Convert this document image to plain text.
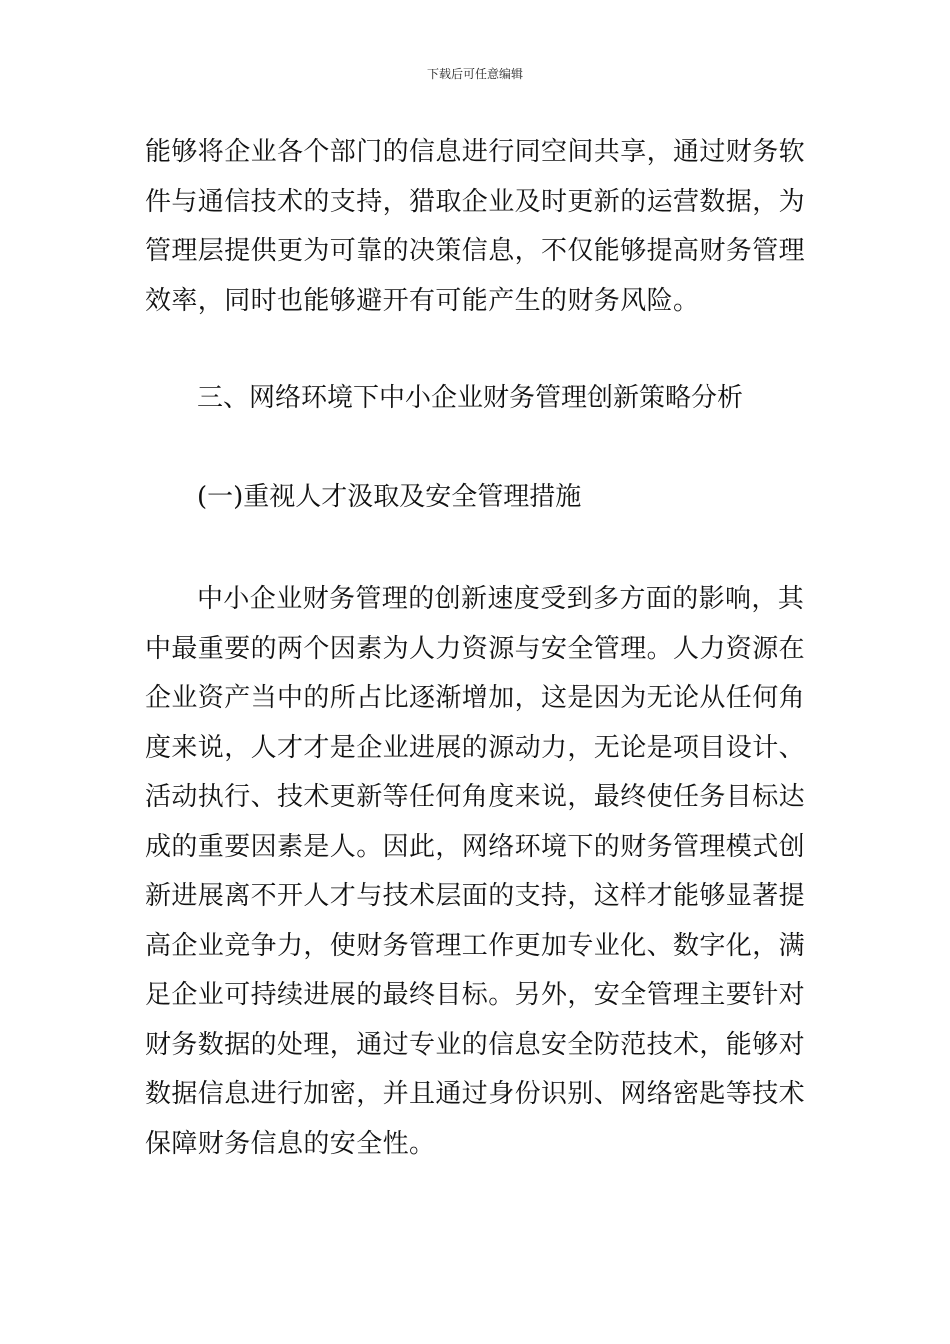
下载后可任意编辑

能够将企业各个部门的信息进行同空间共享，通过财务软件与通信技术的支持，猎取企业及时更新的运营数据，为管理层提供更为可靠的决策信息，不仅能够提高财务管理效率，同时也能够避开有可能产生的财务风险。

三、网络环境下中小企业财务管理创新策略分析
(一)重视人才汲取及安全管理措施

中小企业财务管理的创新速度受到多方面的影响，其中最重要的两个因素为人力资源与安全管理。人力资源在企业资产当中的所占比逐渐增加，这是因为无论从任何角度来说，人才才是企业进展的源动力，无论是项目设计、活动执行、技术更新等任何角度来说，最终使任务目标达成的重要因素是人。因此，网络环境下的财务管理模式创新进展离不开人才与技术层面的支持，这样才能够显著提高企业竞争力，使财务管理工作更加专业化、数字化，满足企业可持续进展的最终目标。另外，安全管理主要针对财务数据的处理，通过专业的信息安全防范技术，能够对数据信息进行加密，并且通过身份识别、网络密匙等技术保障财务信息的安全性。
